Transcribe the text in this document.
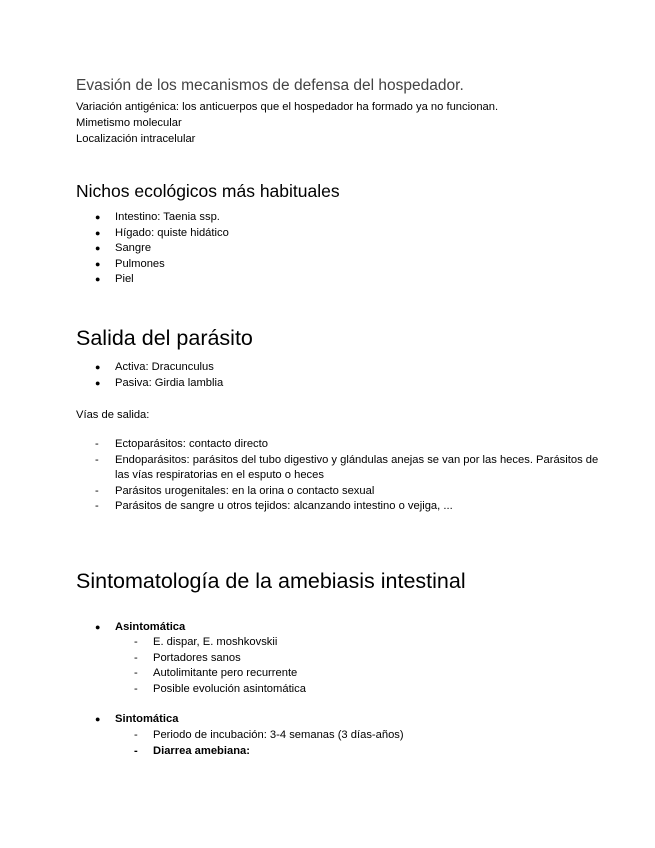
Evasión de los mecanismos de defensa del hospedador.
Variación antigénica: los anticuerpos que el hospedador ha formado ya no funcionan.
Mimetismo molecular
Localización intracelular
Nichos ecológicos más habituales
● Intestino: Taenia ssp.
● Hígado: quiste hidático
● Sangre
● Pulmones
● Piel
Salida del parásito
● Activa: Dracunculus
● Pasiva: Girdia lamblia
Vías de salida:
- Ectoparásitos: contacto directo
- Endoparásitos: parásitos del tubo digestivo y glándulas anejas se van por las heces. Parásitos de las vías respiratorias en el esputo o heces
- Parásitos urogenitales: en la orina o contacto sexual
- Parásitos de sangre u otros tejidos: alcanzando intestino o vejiga, ...
Sintomatología de la amebiasis intestinal
● Asintomática
- E. dispar, E. moshkovskii
- Portadores sanos
- Autolimitante pero recurrente
- Posible evolución asintomática
● Sintomática
- Periodo de incubación: 3-4 semanas (3 días-años)
- Diarrea amebiana:
